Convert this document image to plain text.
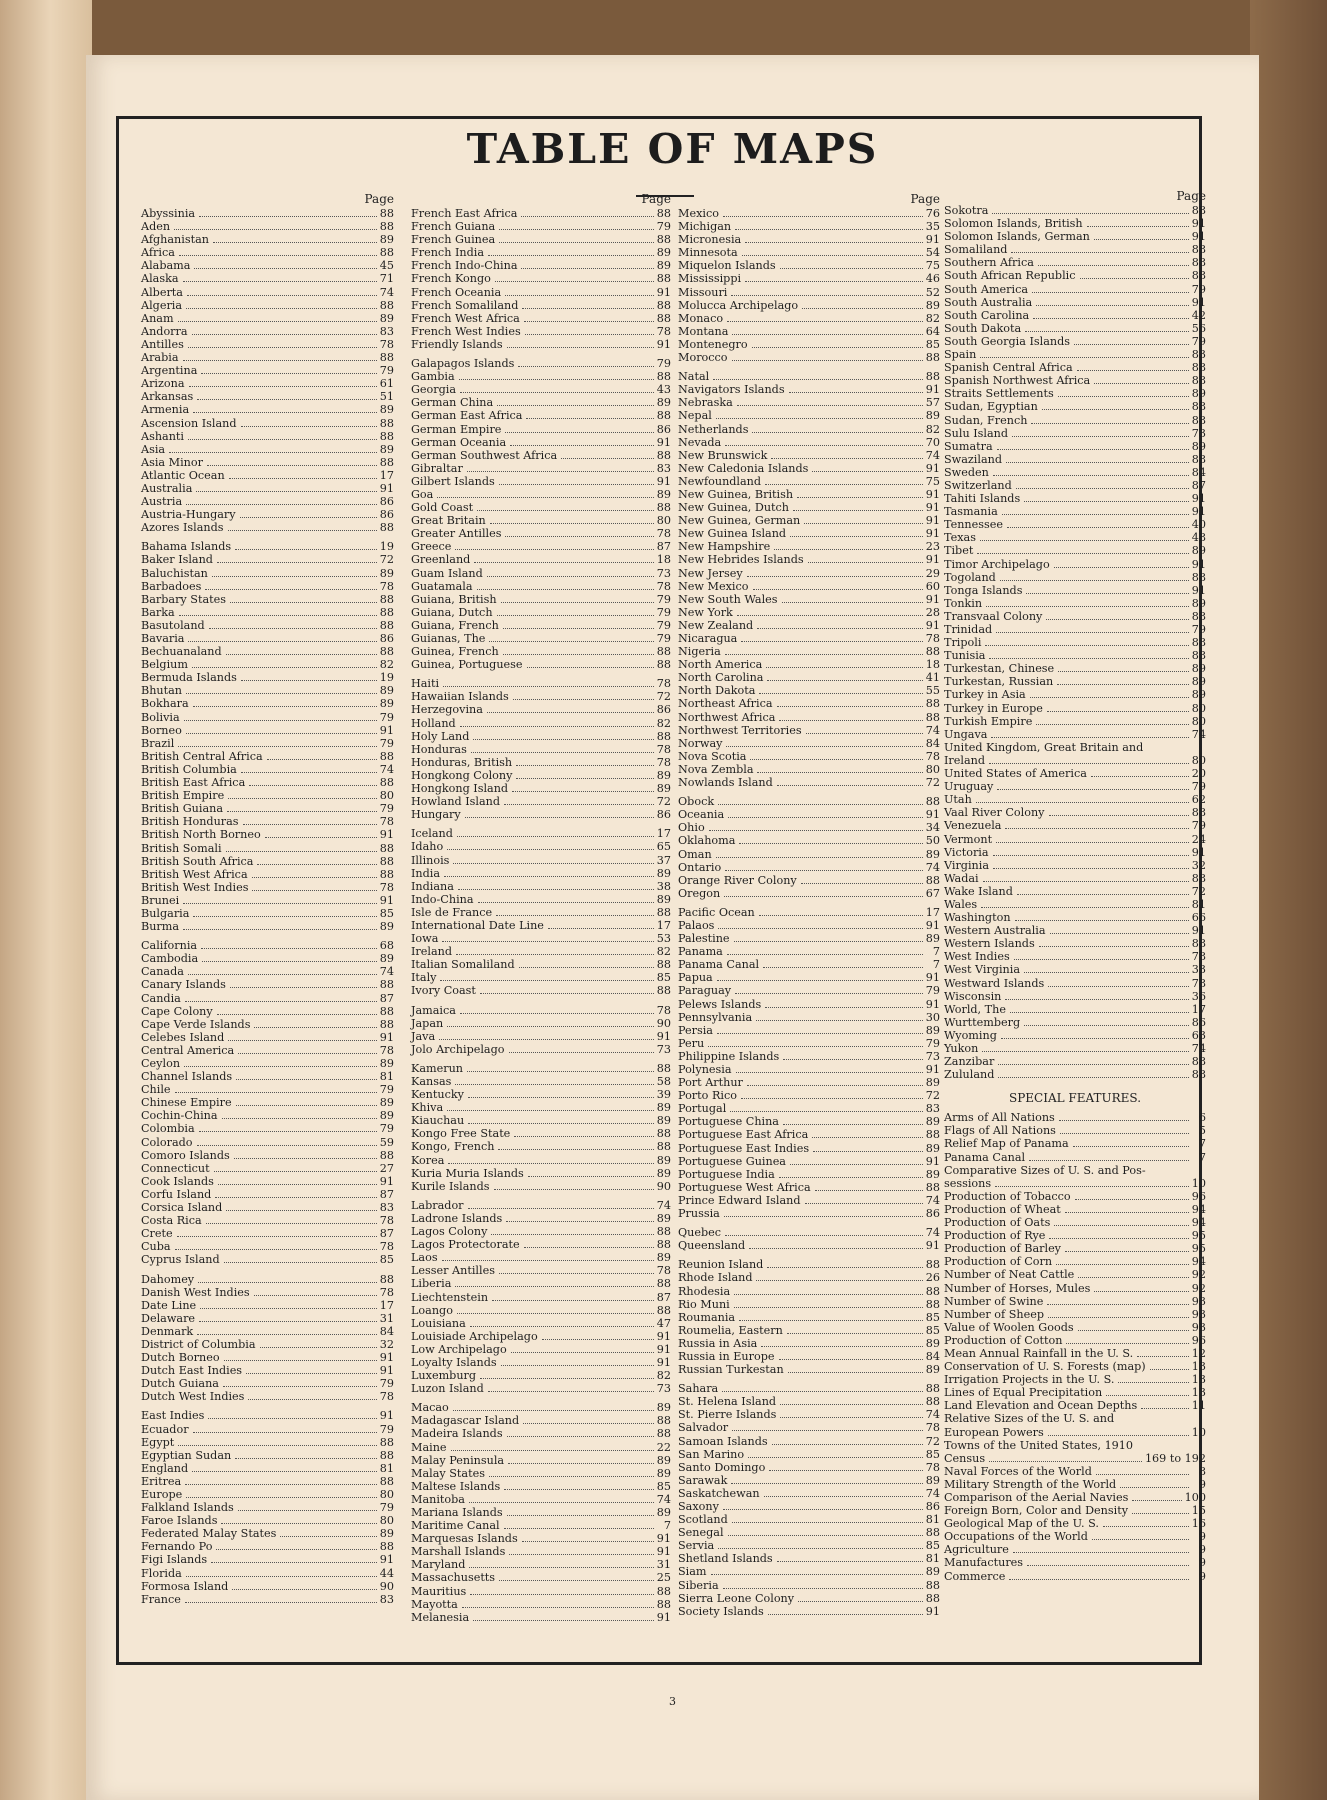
TABLE OF MAPS
Page
Abyssinia	88
Aden	88
Afghanistan	89
Africa	88
Alabama	45
Alaska	71
Alberta	74
Algeria	88
Anam	89
Andorra	83
Antilles	78
Arabia	88
Argentina	79
Arizona	61
Arkansas	51
Armenia	89
Ascension Island	88
Ashanti	88
Asia	89
Asia Minor	88
Atlantic Ocean	17
Australia	91
Austria	86
Austria-Hungary	86
Azores Islands	88
Bahama Islands	19
Baker Island	72
Baluchistan	89
Barbadoes	78
Barbary States	88
Barka	88
Basutoland	88
Bavaria	86
Bechuanaland	88
Belgium	82
Bermuda Islands	19
Bhutan	89
Bokhara	89
Bolivia	79
Borneo	91
Brazil	79
British Central Africa	88
British Columbia	74
British East Africa	88
British Empire	80
British Guiana	79
British Honduras	78
British North Borneo	91
British Somali	88
British South Africa	88
British West Africa	88
British West Indies	78
Brunei	91
Bulgaria	85
Burma	89
California	68
Cambodia	89
Canada	74
Canary Islands	88
Candia	87
Cape Colony	88
Cape Verde Islands	88
Celebes Island	91
Central America	78
Ceylon	89
Channel Islands	81
Chile	79
Chinese Empire	89
Cochin-China	89
Colombia	79
Colorado	59
Comoro Islands	88
Connecticut	27
Cook Islands	91
Corfu Island	87
Corsica Island	83
Costa Rica	78
Crete	87
Cuba	78
Cyprus Island	85
Dahomey	88
Danish West Indies	78
Date Line	17
Delaware	31
Denmark	84
District of Columbia	32
Dutch Borneo	91
Dutch East Indies	91
Dutch Guiana	79
Dutch West Indies	78
East Indies	91
Ecuador	79
Egypt	88
Egyptian Sudan	88
England	81
Eritrea	88
Europe	80
Falkland Islands	79
Faroe Islands	80
Federated Malay States	89
Fernando Po	88
Figi Islands	91
Florida	44
Formosa Island	90
France	83
Page
French East Africa	88
French Guiana	79
French Guinea	88
French India	89
French Indo-China	89
French Kongo	88
French Oceania	91
French Somaliland	88
French West Africa	88
French West Indies	78
Friendly Islands	91
Galapagos Islands	79
Gambia	88
Georgia	43
German China	89
German East Africa	88
German Empire	86
German Oceania	91
German Southwest Africa	88
Gibraltar	83
Gilbert Islands	91
Goa	89
Gold Coast	88
Great Britain	80
Greater Antilles	78
Greece	87
Greenland	18
Guam Island	73
Guatamala	78
Guiana, British	79
Guiana, Dutch	79
Guiana, French	79
Guianas, The	79
Guinea, French	88
Guinea, Portuguese	88
Haiti	78
Hawaiian Islands	72
Herzegovina	86
Holland	82
Holy Land	88
Honduras	78
Honduras, British	78
Hongkong Colony	89
Hongkong Island	89
Howland Island	72
Hungary	86
Iceland	17
Idaho	65
Illinois	37
India	89
Indiana	38
Indo-China	89
Isle de France	88
International Date Line	17
Iowa	53
Ireland	82
Italian Somaliland	88
Italy	85
Ivory Coast	88
Jamaica	78
Japan	90
Java	91
Jolo Archipelago	73
Kamerun	88
Kansas	58
Kentucky	39
Khiva	89
Kiauchau	89
Kongo Free State	88
Kongo, French	88
Korea	89
Kuria Muria Islands	89
Kurile Islands	90
Labrador	74
Ladrone Islands	89
Lagos Colony	88
Lagos Protectorate	88
Laos	89
Lesser Antilles	78
Liberia	88
Liechtenstein	87
Loango	88
Louisiana	47
Louisiade Archipelago	91
Low Archipelago	91
Loyalty Islands	91
Luxemburg	82
Luzon Island	73
Macao	89
Madagascar Island	88
Madeira Islands	88
Maine	22
Malay Peninsula	89
Malay States	89
Maltese Islands	85
Manitoba	74
Mariana Islands	89
Maritime Canal	7
Marquesas Islands	91
Marshall Islands	91
Maryland	31
Massachusetts	25
Mauritius	88
Mayotta	88
Melanesia	91
Page
Mexico	76
Michigan	35
Micronesia	91
Minnesota	54
Miquelon Islands	75
Mississippi	46
Missouri	52
Molucca Archipelago	89
Monaco	82
Montana	64
Montenegro	85
Morocco	88
Natal	88
Navigators Islands	91
Nebraska	57
Nepal	89
Netherlands	82
Nevada	70
New Brunswick	74
New Caledonia Islands	91
Newfoundland	75
New Guinea, British	91
New Guinea, Dutch	91
New Guinea, German	91
New Guinea Island	91
New Hampshire	23
New Hebrides Islands	91
New Jersey	29
New Mexico	60
New South Wales	91
New York	28
New Zealand	91
Nicaragua	78
Nigeria	88
North America	18
North Carolina	41
North Dakota	55
Northeast Africa	88
Northwest Africa	88
Northwest Territories	74
Norway	84
Nova Scotia	78
Nova Zembla	80
Nowlands Island	72
Obock	88
Oceania	91
Ohio	34
Oklahoma	50
Oman	89
Ontario	74
Orange River Colony	88
Oregon	67
Pacific Ocean	17
Palaos	91
Palestine	89
Panama	7
Panama Canal	7
Papua	91
Paraguay	79
Pelews Islands	91
Pennsylvania	30
Persia	89
Peru	79
Philippine Islands	73
Polynesia	91
Port Arthur	89
Porto Rico	72
Portugal	83
Portuguese China	89
Portuguese East Africa	88
Portuguese East Indies	89
Portuguese Guinea	91
Portuguese India	89
Portuguese West Africa	88
Prince Edward Island	74
Prussia	86
Quebec	74
Queensland	91
Reunion Island	88
Rhode Island	26
Rhodesia	88
Rio Muni	88
Roumania	85
Roumelia, Eastern	85
Russia in Asia	89
Russia in Europe	84
Russian Turkestan	89
Sahara	88
St. Helena Island	88
St. Pierre Islands	74
Salvador	78
Samoan Islands	72
San Marino	85
Santo Domingo	78
Sarawak	89
Saskatchewan	74
Saxony	86
Scotland	81
Senegal	88
Servia	85
Shetland Islands	81
Siam	89
Siberia	88
Sierra Leone Colony	88
Society Islands	91
Page
Sokotra	88
Solomon Islands, British	91
Solomon Islands, German	91
Somaliland	88
Southern Africa	88
South African Republic	88
South America	79
South Australia	91
South Carolina	42
South Dakota	56
South Georgia Islands	79
Spain	83
Spanish Central Africa	88
Spanish Northwest Africa	88
Straits Settlements	89
Sudan, Egyptian	88
Sudan, French	88
Sulu Island	73
Sumatra	89
Swaziland	88
Sweden	84
Switzerland	87
Tahiti Islands	91
Tasmania	91
Tennessee	40
Texas	48
Tibet	89
Timor Archipelago	91
Togoland	88
Tonga Islands	91
Tonkin	89
Transvaal Colony	88
Trinidad	79
Tripoli	88
Tunisia	88
Turkestan, Chinese	89
Turkestan, Russian	89
Turkey in Asia	89
Turkey in Europe	80
Turkish Empire	80
Ungava	74
United Kingdom, Great Britain and
Ireland	80
United States of America	20
Uruguay	79
Utah	62
Vaal River Colony	88
Venezuela	79
Vermont	24
Victoria	91
Virginia	32
Wadai	88
Wake Island	72
Wales	81
Washington	66
Western Australia	91
Western Islands	88
West Indies	78
West Virginia	33
Westward Islands	78
Wisconsin	36
World, The	17
Wurttemberg	86
Wyoming	63
Yukon	74
Zanzibar	88
Zululand	88
SPECIAL FEATURES.
Arms of All Nations	6
Flags of All Nations	5
Relief Map of Panama	7
Panama Canal	7
Comparative Sizes of U. S. and Pos-
sessions	10
Production of Tobacco	96
Production of Wheat	94
Production of Oats	94
Production of Rye	95
Production of Barley	95
Production of Corn	94
Number of Neat Cattle	92
Number of Horses, Mules	92
Number of Swine	93
Number of Sheep	93
Value of Woolen Goods	93
Production of Cotton	96
Mean Annual Rainfall in the U. S.	12
Conservation of U. S. Forests (map)	13
Irrigation Projects in the U. S.	13
Lines of Equal Precipitation	13
Land Elevation and Ocean Depths	11
Relative Sizes of the U. S. and
European Powers	10
Towns of the United States, 1910
Census	169 to 192
Naval Forces of the World	8
Military Strength of the World	9
Comparison of the Aerial Navies	100
Foreign Born, Color and Density	15
Geological Map of the U. S.	16
Occupations of the World	9
Agriculture	9
Manufactures	9
Commerce	9
3
